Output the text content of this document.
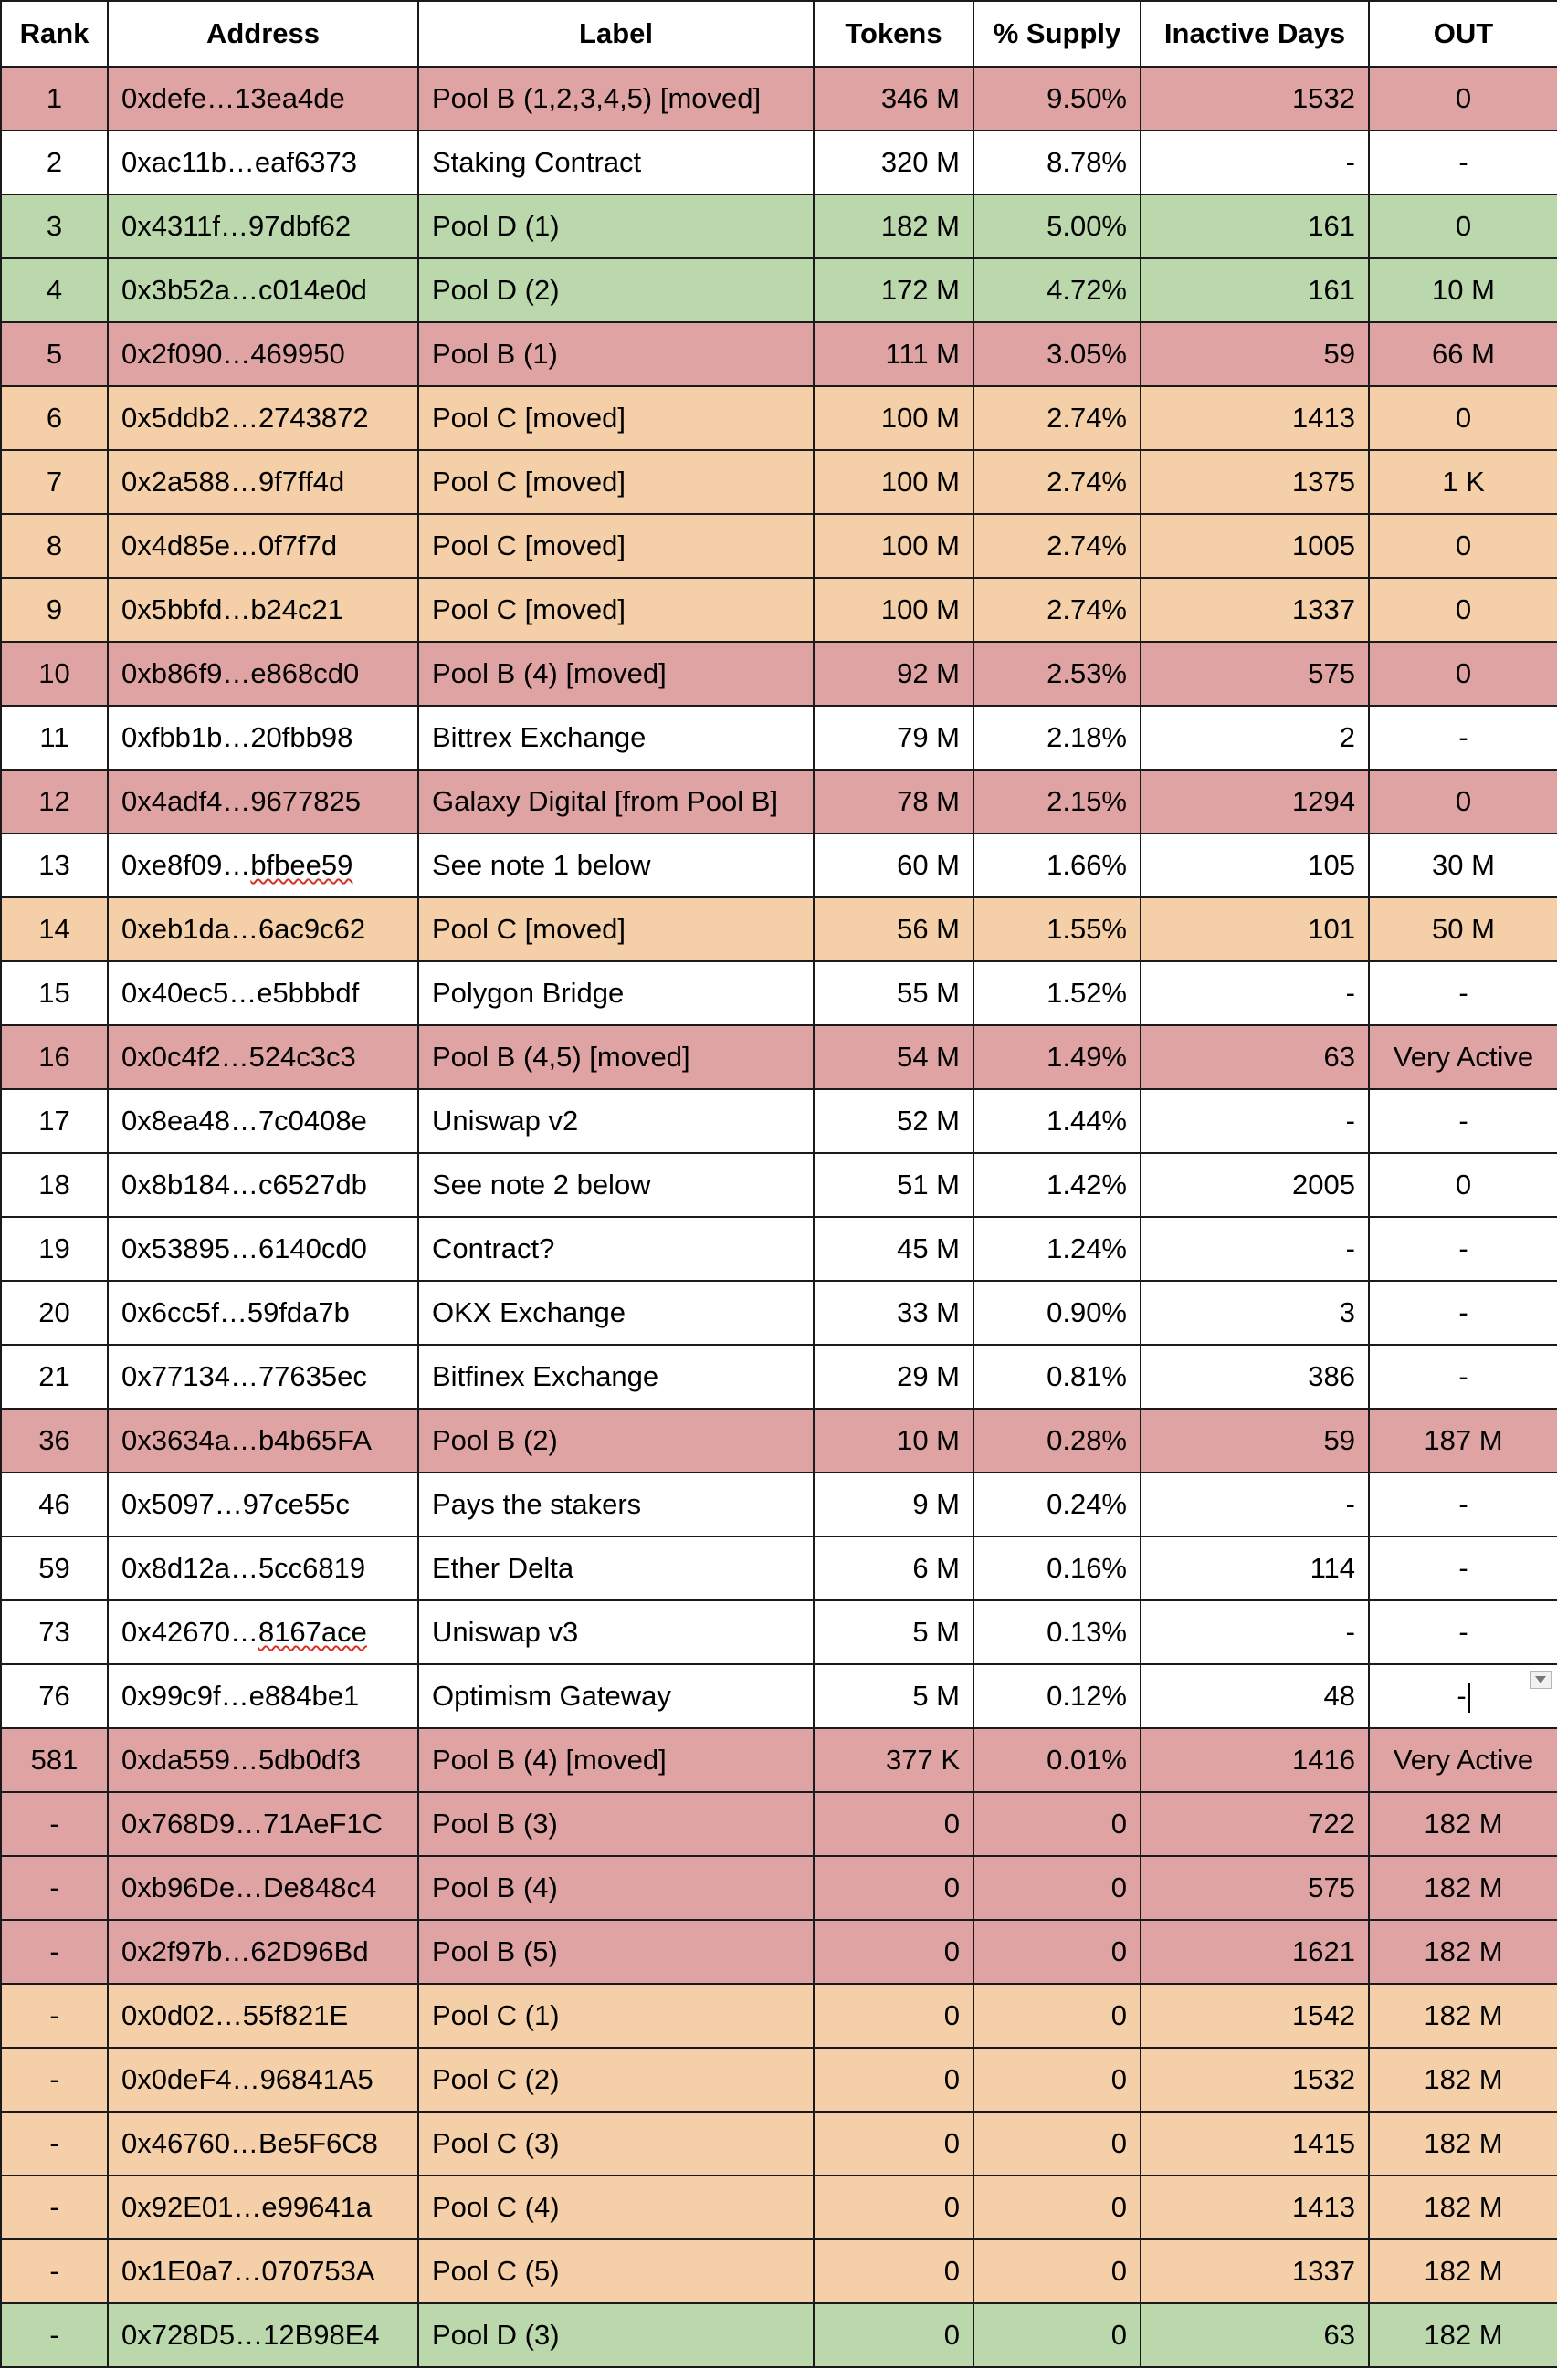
Rank	Address	Label	Tokens	% Supply	Inactive Days	OUT
1	0xdefe…13ea4de	Pool B (1,2,3,4,5) [moved]	346 M	9.50%	1532	0
2	0xac11b…eaf6373	Staking Contract	320 M	8.78%	-	-
3	0x4311f…97dbf62	Pool D (1)	182 M	5.00%	161	0
4	0x3b52a…c014e0d	Pool D (2)	172 M	4.72%	161	10 M
5	0x2f090…469950	Pool B (1)	111 M	3.05%	59	66 M
6	0x5ddb2…2743872	Pool C [moved]	100 M	2.74%	1413	0
7	0x2a588…9f7ff4d	Pool C [moved]	100 M	2.74%	1375	1 K
8	0x4d85e…0f7f7d	Pool C [moved]	100 M	2.74%	1005	0
9	0x5bbfd…b24c21	Pool C [moved]	100 M	2.74%	1337	0
10	0xb86f9…e868cd0	Pool B (4) [moved]	92 M	2.53%	575	0
11	0xfbb1b…20fbb98	Bittrex Exchange	79 M	2.18%	2	-
12	0x4adf4…9677825	Galaxy Digital [from Pool B]	78 M	2.15%	1294	0
13	0xe8f09…bfbee59	See note 1 below	60 M	1.66%	105	30 M
14	0xeb1da…6ac9c62	Pool C [moved]	56 M	1.55%	101	50 M
15	0x40ec5…e5bbbdf	Polygon Bridge	55 M	1.52%	-	-
16	0x0c4f2…524c3c3	Pool B (4,5) [moved]	54 M	1.49%	63	Very Active
17	0x8ea48…7c0408e	Uniswap v2	52 M	1.44%	-	-
18	0x8b184…c6527db	See note 2 below	51 M	1.42%	2005	0
19	0x53895…6140cd0	Contract?	45 M	1.24%	-	-
20	0x6cc5f…59fda7b	OKX Exchange	33 M	0.90%	3	-
21	0x77134…77635ec	Bitfinex Exchange	29 M	0.81%	386	-
36	0x3634a…b4b65FA	Pool B (2)	10 M	0.28%	59	187 M
46	0x5097…97ce55c	Pays the stakers	9 M	0.24%	-	-
59	0x8d12a…5cc6819	Ether Delta	6 M	0.16%	114	-
73	0x42670…8167ace	Uniswap v3	5 M	0.13%	-	-
76	0x99c9f…e884be1	Optimism Gateway	5 M	0.12%	48	-

581	0xda559…5db0df3	Pool B (4) [moved]	377 K	0.01%	1416	Very Active
-	0x768D9…71AeF1C	Pool B (3)	0	0	722	182 M
-	0xb96De…De848c4	Pool B (4)	0	0	575	182 M
-	0x2f97b…62D96Bd	Pool B (5)	0	0	1621	182 M
-	0x0d02…55f821E	Pool C (1)	0	0	1542	182 M
-	0x0deF4…96841A5	Pool C (2)	0	0	1532	182 M
-	0x46760…Be5F6C8	Pool C (3)	0	0	1415	182 M
-	0x92E01…e99641a	Pool C (4)	0	0	1413	182 M
-	0x1E0a7…070753A	Pool C (5)	0	0	1337	182 M
-	0x728D5…12B98E4	Pool D (3)	0	0	63	182 M
